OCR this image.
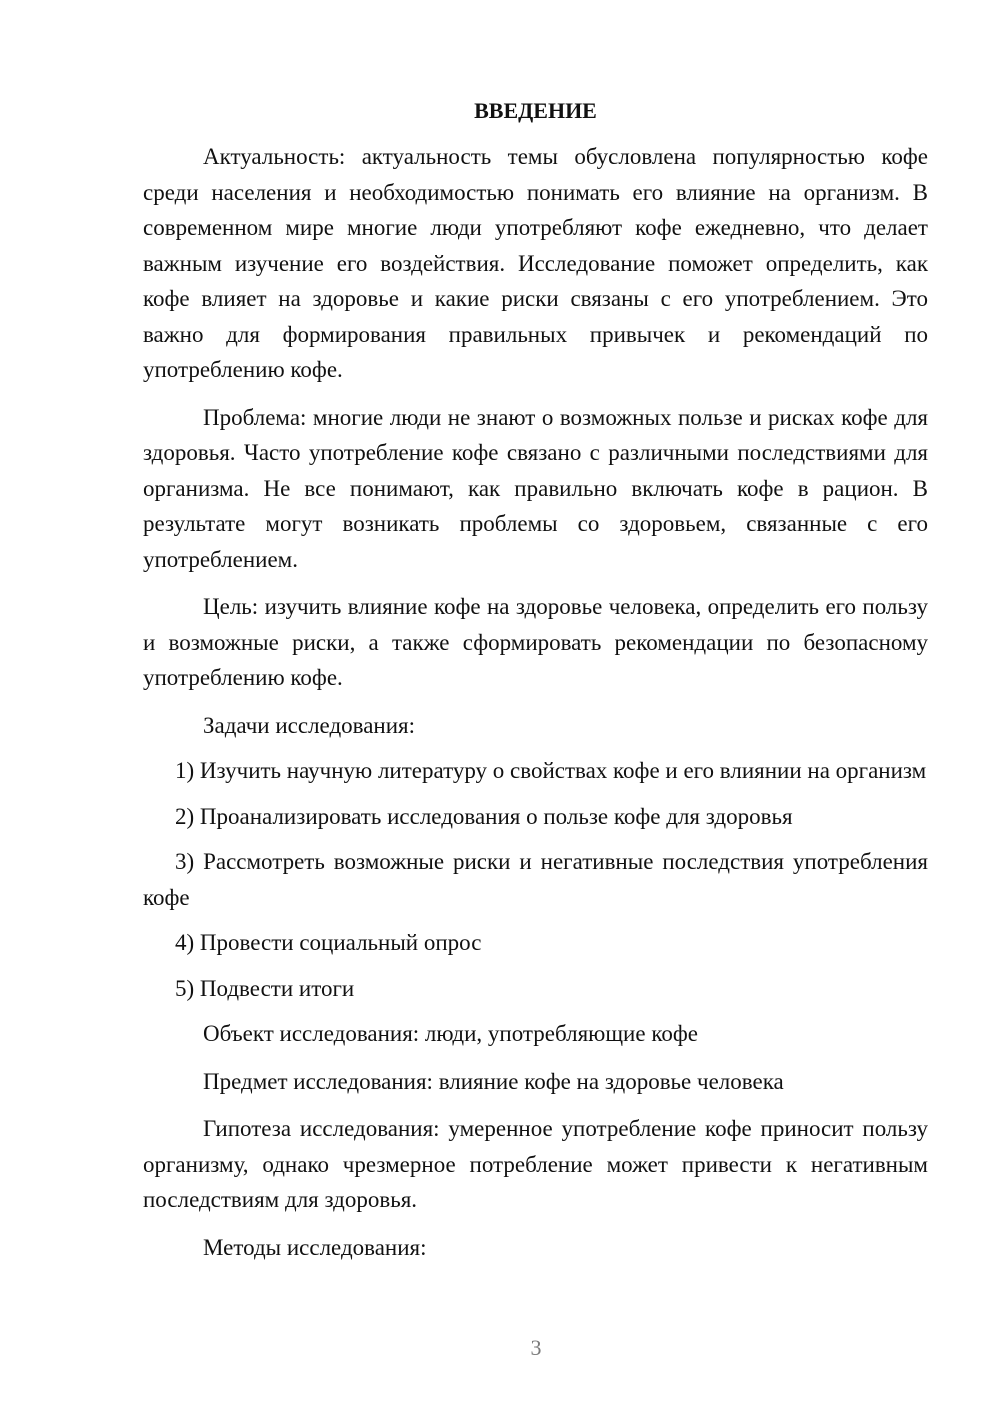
ВВЕДЕНИЕ

Актуальность: актуальность темы обусловлена популярностью кофе среди населения и необходимостью понимать его влияние на организм. В современном мире многие люди употребляют кофе ежедневно, что делает важным изучение его воздействия. Исследование поможет определить, как кофе влияет на здоровье и какие риски связаны с его употреблением. Это важно для формирования правильных привычек и рекомендаций по употреблению кофе.

Проблема: многие люди не знают о возможных пользе и рисках кофе для здоровья. Часто употребление кофе связано с различными последствиями для организма. Не все понимают, как правильно включать кофе в рацион. В результате могут возникать проблемы со здоровьем, связанные с его употреблением.

Цель: изучить влияние кофе на здоровье человека, определить его пользу и возможные риски, а также сформировать рекомендации по безопасному употреблению кофе.

Задачи исследования:

1) Изучить научную литературу о свойствах кофе и его влиянии на организм

2) Проанализировать исследования о пользе кофе для здоровья

3) Рассмотреть возможные риски и негативные последствия употребления кофе

4) Провести социальный опрос

5) Подвести итоги

Объект исследования: люди, употребляющие кофе

Предмет исследования: влияние кофе на здоровье человека

Гипотеза исследования: умеренное употребление кофе приносит пользу организму, однако чрезмерное потребление может привести к негативным последствиям для здоровья.

Методы исследования:

3
